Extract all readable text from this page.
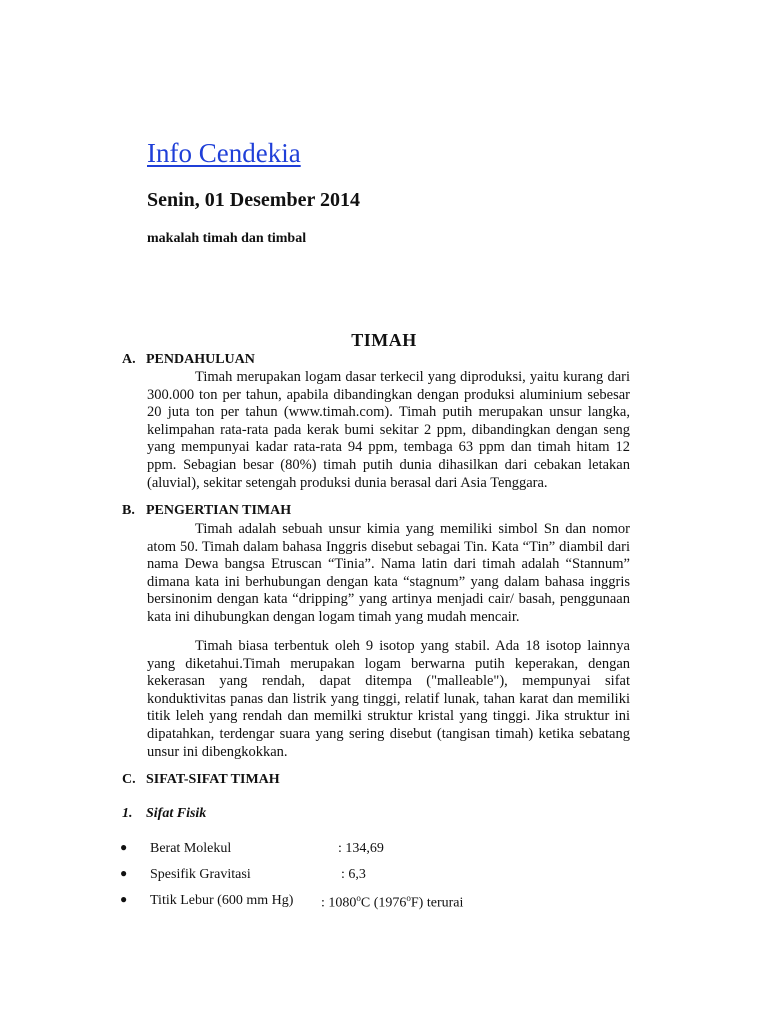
Info Cendekia
Senin, 01 Desember 2014
makalah timah dan timbal
TIMAH
A. PENDAHULUAN

Timah merupakan logam dasar terkecil yang diproduksi, yaitu kurang dari 300.000 ton per tahun, apabila dibandingkan dengan produksi aluminium sebesar 20 juta ton per tahun (www.timah.com). Timah putih merupakan unsur langka, kelimpahan rata-rata pada kerak bumi sekitar 2 ppm, dibandingkan dengan seng yang mempunyai kadar rata-rata 94 ppm, tembaga 63 ppm dan timah hitam 12 ppm. Sebagian besar (80%) timah putih dunia dihasilkan dari cebakan letakan (aluvial), sekitar setengah produksi dunia berasal dari Asia Tenggara.

B. PENGERTIAN TIMAH

Timah adalah sebuah unsur kimia yang memiliki simbol Sn dan nomor atom 50. Timah dalam bahasa Inggris disebut sebagai Tin. Kata “Tin” diambil dari nama Dewa bangsa Etruscan “Tinia”. Nama latin dari timah adalah “Stannum” dimana kata ini berhubungan dengan kata “stagnum” yang dalam bahasa inggris bersinonim dengan kata “dripping” yang artinya menjadi cair/ basah, penggunaan kata ini dihubungkan dengan logam timah yang mudah mencair.

Timah biasa terbentuk oleh 9 isotop yang stabil. Ada 18 isotop lainnya yang diketahui.Timah merupakan logam berwarna putih keperakan, dengan kekerasan yang rendah, dapat ditempa ("malleable"), mempunyai sifat konduktivitas panas dan listrik yang tinggi, relatif lunak, tahan karat dan memiliki titik leleh yang rendah dan memilki struktur kristal yang tinggi. Jika struktur ini dipatahkan, terdengar suara yang sering disebut (tangisan timah) ketika sebatang unsur ini dibengkokkan.

C. SIFAT-SIFAT TIMAH
1. Sifat Fisik
● Berat Molekul	: 134,69
● Spesifik Gravitasi	: 6,3
● Titik Lebur (600 mm Hg) : 1080$^o$C (1976$^o$F) terurai
